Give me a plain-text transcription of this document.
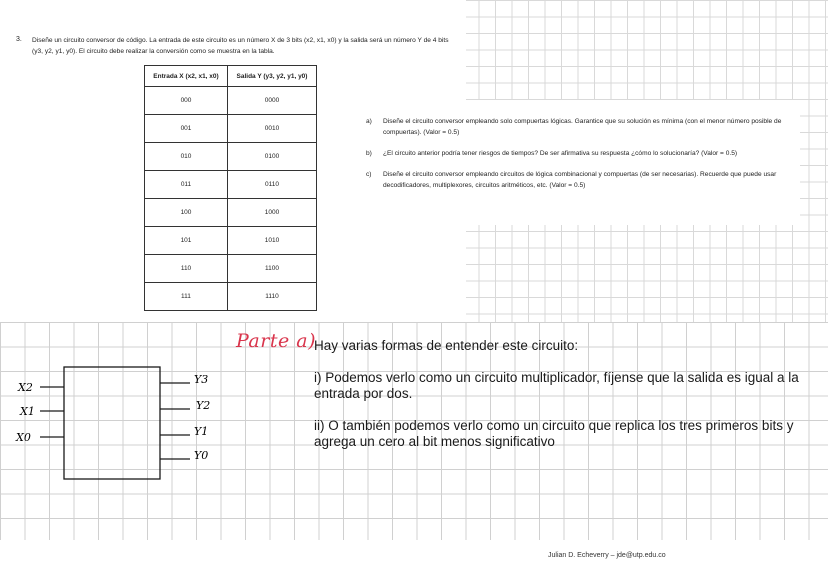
3. Diseñe un circuito conversor de código. La entrada de este circuito es un número X de 3 bits (x2, x1, x0) y la salida será un número Y de 4 bits (y3, y2, y1, y0). El circuito debe realizar la conversión como se muestra en la tabla.

Entrada X (x2, x1, x0)	Salida Y (y3, y2, y1, y0)
000	0000
001	0010
010	0100
011	0110
100	1000
101	1010
110	1100
111	1110
a) Diseñe el circuito conversor empleando solo compuertas lógicas. Garantice que su solución es mínima (con el menor número posible de compuertas). (Valor = 0.5)
b) ¿El circuito anterior podría tener riesgos de tiempos? De ser afirmativa su respuesta ¿cómo lo solucionaría? (Valor = 0.5)
c) Diseñe el circuito conversor empleando circuitos de lógica combinacional y compuertas (de ser necesarias). Recuerde que puede usar decodificadores, multiplexores, circuitos aritméticos, etc. (Valor = 0.5)
Parte a)
Hay varias formas de entender este circuito:
i) Podemos verlo como un circuito multiplicador, fíjense que la salida es igual a la entrada por dos.
ii) O también podemos verlo como un circuito que replica los tres primeros bits y agrega un cero al bit menos significativo
X2
X1
X0
Y3
Y2
Y1
Y0
Julian D. Echeverry – jde@utp.edu.co
